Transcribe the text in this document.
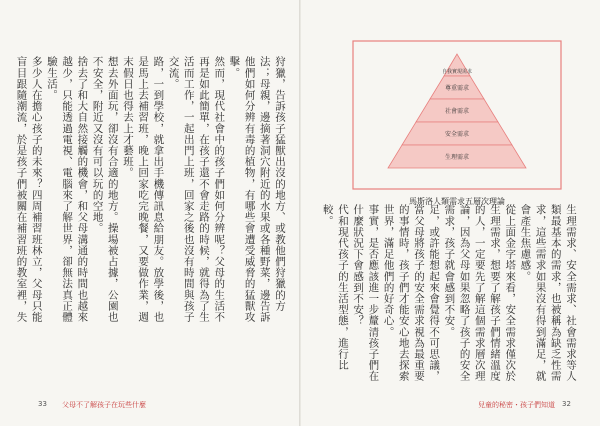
狩獵，告訴孩子猛獸出沒的地方、或教他們狩獵的方法；母親，邊摘著洞穴附近的水果或各種野菜，邊告訴他們如何分辨有毒的植物，有哪些會遭受威脅的猛獸攻擊。
然而，現代社會中的孩子們如何分辨呢？父母的生活不再是如此簡單，在孩子還不會走路的時候，就得為了生活而工作，一起出門上班，回家之後也沒有時間與孩子交流。
路，一到學校，就拿出手機傳訊息給朋友。放學後，也是馬上去補習班，晚上回家吃完晚餐，又要做作業，週末假日也得去上才藝班。
想去外面玩，卻沒有合適的地方。操場被占據，公園也不安全，附近又沒有可以玩的空地。
捨去了和大自然接觸的機會，和父母溝通的時間也越來越少，只能透過電視、電腦來了解世界，卻無法真正體驗生活。
多少人在擔心孩子的未來？四周補習班林立，父母只能盲目跟隨潮流，於是孩子們被關在補習班的教室裡，失

自我實現需求
尊重需求
社會需求
安全需求
生理需求
馬斯洛人類需求五層次理論
生理需求、安全需求、社會需求等人類最基本的需求，也被稱為缺乏性需求，這些需求如果沒有得到滿足，就會產生焦慮感。
從上面金字塔來看，安全需求僅次於生理需求，想要了解孩子們情緒溫度的人，一定要先了解這個需求層次理論，因為父母如果忽略了孩子的安全需求，孩子就會感到不安。
足，或許能想起來會覺得不可思議，當父母將孩子的安全需求視為最重要的事情時，孩子們才能安心地去探索世界，滿足他們的好奇心。
事實，是否應該進一步釐清孩子們在什麼狀況下會感到不安？
代和現代孩子的生活型態，進行比較。

33 父母不了解孩子在玩些什麼	兒童的秘密・孩子們知道 32
